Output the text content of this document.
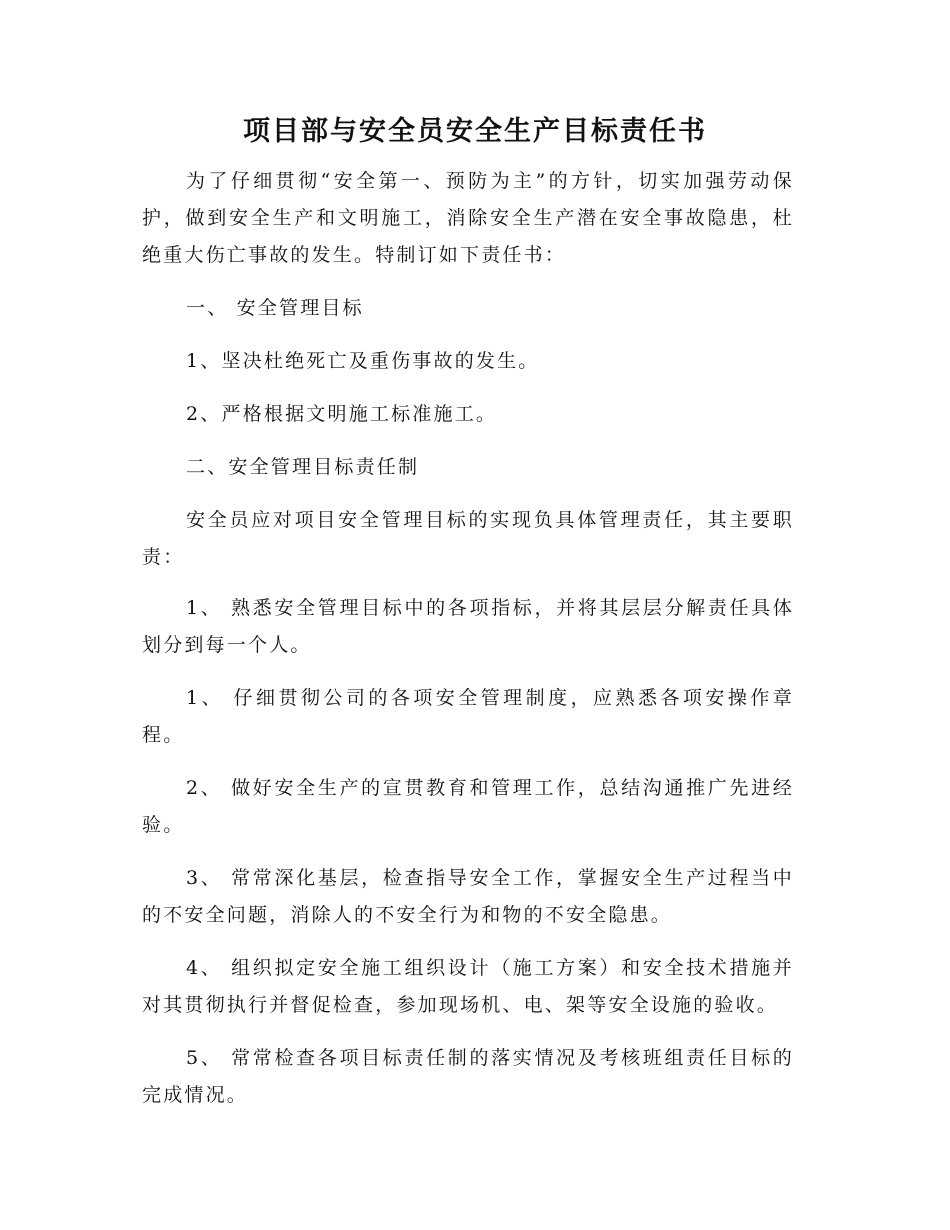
项目部与安全员安全生产目标责任书

为了仔细贯彻“安全第一、预防为主”的方针，切实加强劳动保护，做到安全生产和文明施工，消除安全生产潜在安全事故隐患，杜绝重大伤亡事故的发生。特制订如下责任书：

一、 安全管理目标

1、坚决杜绝死亡及重伤事故的发生。

2、严格根据文明施工标准施工。

二、安全管理目标责任制

安全员应对项目安全管理目标的实现负具体管理责任，其主要职责：

1、 熟悉安全管理目标中的各项指标，并将其层层分解责任具体划分到每一个人。

1、 仔细贯彻公司的各项安全管理制度，应熟悉各项安操作章程。

2、 做好安全生产的宣贯教育和管理工作，总结沟通推广先进经验。

3、 常常深化基层，检查指导安全工作，掌握安全生产过程当中的不安全问题，消除人的不安全行为和物的不安全隐患。

4、 组织拟定安全施工组织设计（施工方案）和安全技术措施并对其贯彻执行并督促检查，参加现场机、电、架等安全设施的验收。

5、 常常检查各项目标责任制的落实情况及考核班组责任目标的完成情况。
